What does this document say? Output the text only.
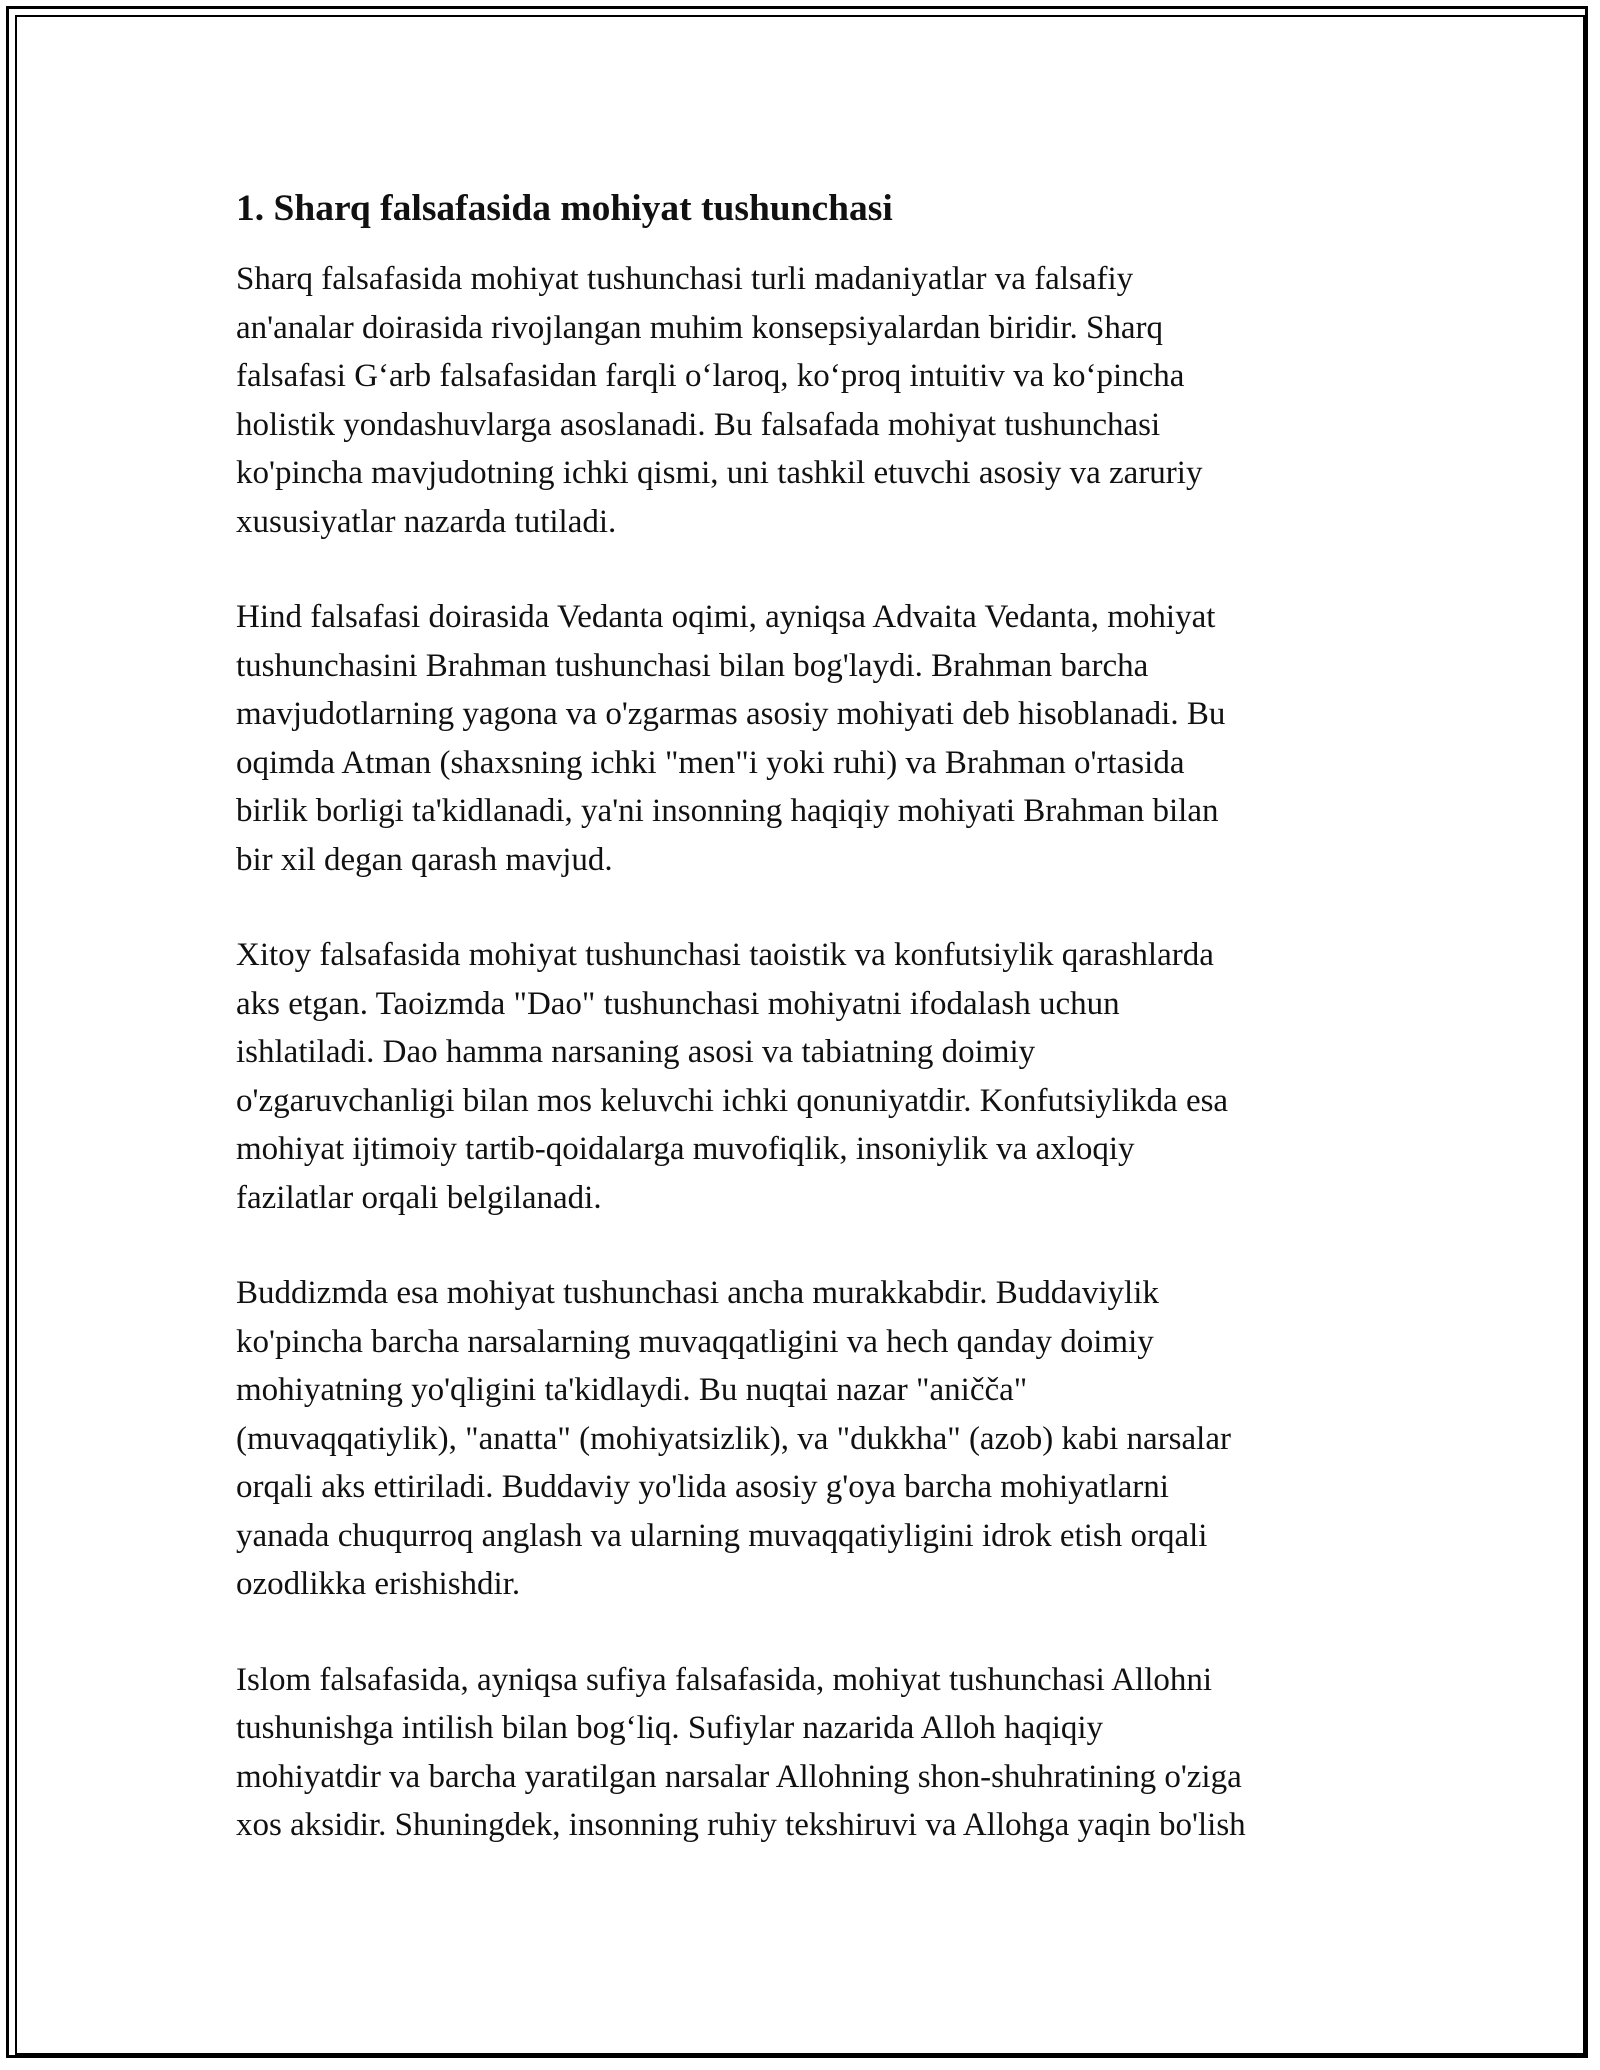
1. Sharq falsafasida mohiyat tushunchasi
Sharq falsafasida mohiyat tushunchasi turli madaniyatlar va falsafiy
an'analar doirasida rivojlangan muhim konsepsiyalardan biridir. Sharq
falsafasi G‘arb falsafasidan farqli o‘laroq, ko‘proq intuitiv va ko‘pincha
holistik yondashuvlarga asoslanadi. Bu falsafada mohiyat tushunchasi
ko'pincha mavjudotning ichki qismi, uni tashkil etuvchi asosiy va zaruriy
xususiyatlar nazarda tutiladi.
Hind falsafasi doirasida Vedanta oqimi, ayniqsa Advaita Vedanta, mohiyat
tushunchasini Brahman tushunchasi bilan bog'laydi. Brahman barcha
mavjudotlarning yagona va o'zgarmas asosiy mohiyati deb hisoblanadi. Bu
oqimda Atman (shaxsning ichki "men"i yoki ruhi) va Brahman o'rtasida
birlik borligi ta'kidlanadi, ya'ni insonning haqiqiy mohiyati Brahman bilan
bir xil degan qarash mavjud.
Xitoy falsafasida mohiyat tushunchasi taoistik va konfutsiylik qarashlarda
aks etgan. Taoizmda "Dao" tushunchasi mohiyatni ifodalash uchun
ishlatiladi. Dao hamma narsaning asosi va tabiatning doimiy
o'zgaruvchanligi bilan mos keluvchi ichki qonuniyatdir. Konfutsiylikda esa
mohiyat ijtimoiy tartib-qoidalarga muvofiqlik, insoniylik va axloqiy
fazilatlar orqali belgilanadi.
Buddizmda esa mohiyat tushunchasi ancha murakkabdir. Buddaviylik
ko'pincha barcha narsalarning muvaqqatligini va hech qanday doimiy
mohiyatning yo'qligini ta'kidlaydi. Bu nuqtai nazar "aničča"
(muvaqqatiylik), "anatta" (mohiyatsizlik), va "dukkha" (azob) kabi narsalar
orqali aks ettiriladi. Buddaviy yo'lida asosiy g'oya barcha mohiyatlarni
yanada chuqurroq anglash va ularning muvaqqatiyligini idrok etish orqali
ozodlikka erishishdir.
Islom falsafasida, ayniqsa sufiya falsafasida, mohiyat tushunchasi Allohni
tushunishga intilish bilan bog‘liq. Sufiylar nazarida Alloh haqiqiy
mohiyatdir va barcha yaratilgan narsalar Allohning shon-shuhratining o'ziga
xos aksidir. Shuningdek, insonning ruhiy tekshiruvi va Allohga yaqin bo'lish
